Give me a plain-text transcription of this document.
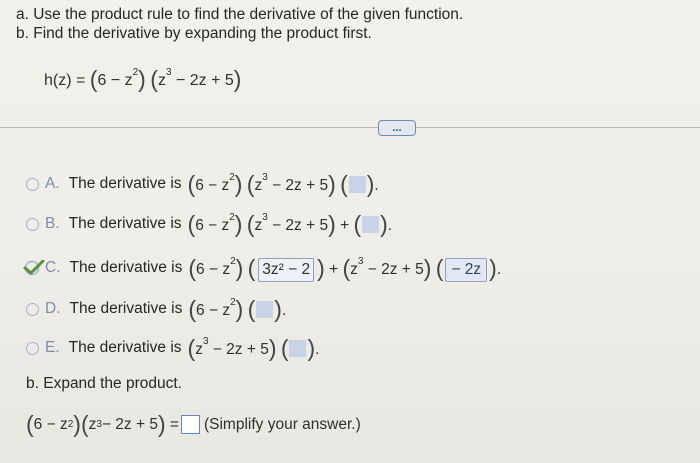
a. Use the product rule to find the derivative of the given function.
b. Find the derivative by expanding the product first.
$h(z) = (6 - z^2)$ $(z^3 - 2z + 5)$
...
A. The derivative is $(6 - z^2)$ $(z^3 - 2z + 5)$ ( ).
B. The derivative is $(6 - z^2)$ $(z^3 - 2z + 5)$ + ( ).
C. The derivative is $(6 - z^2)$ ( 3z² − 2 ) + $(z^3 - 2z + 5)$ ( − 2z ).
D. The derivative is $(6 - z^2)$ ( ).
E. The derivative is $(z^3 - 2z + 5)$ ( ).
b. Expand the product.
( 6 − z 2 ) ( z 3 − 2z + 5 ) = (Simplify your answer.)
